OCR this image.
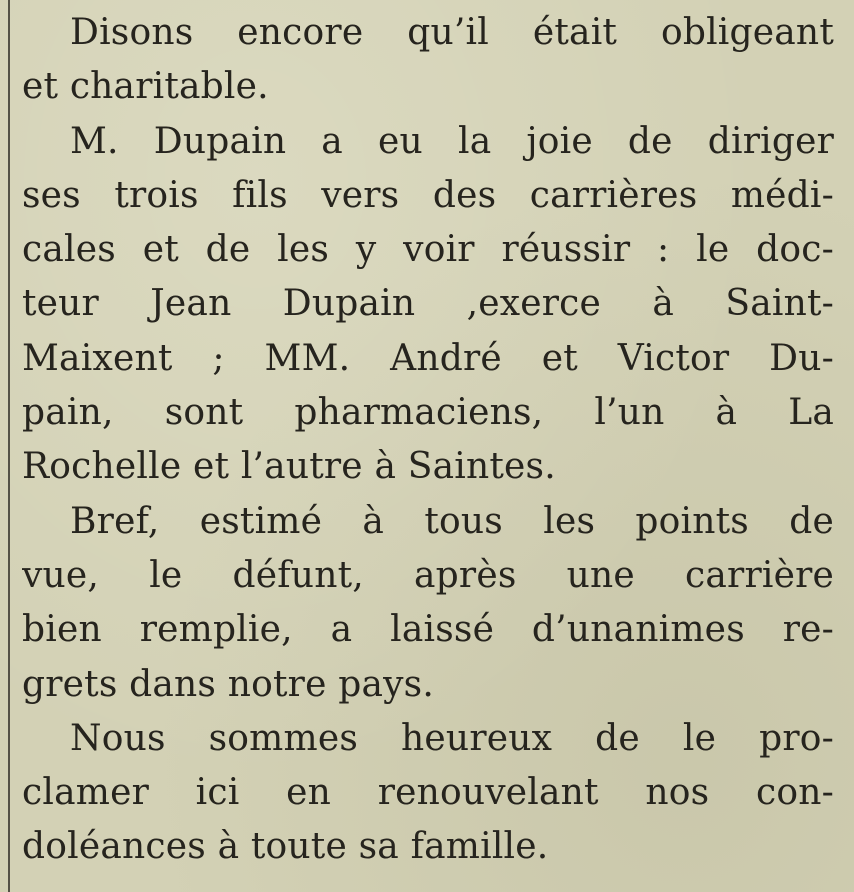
Disons encore qu’il était obligeant
et charitable.
M. Dupain a eu la joie de diriger
ses trois fils vers des carrières médi-
cales et de les y voir réussir : le doc-
teur Jean Dupain ,exerce à Saint-
Maixent ; MM. André et Victor Du-
pain, sont pharmaciens, l’un à La
Rochelle et l’autre à Saintes.
Bref, estimé à tous les points de
vue, le défunt, après une carrière
bien remplie, a laissé d’unanimes re-
grets dans notre pays.
Nous sommes heureux de le pro-
clamer ici en renouvelant nos con-
doléances à toute sa famille.
